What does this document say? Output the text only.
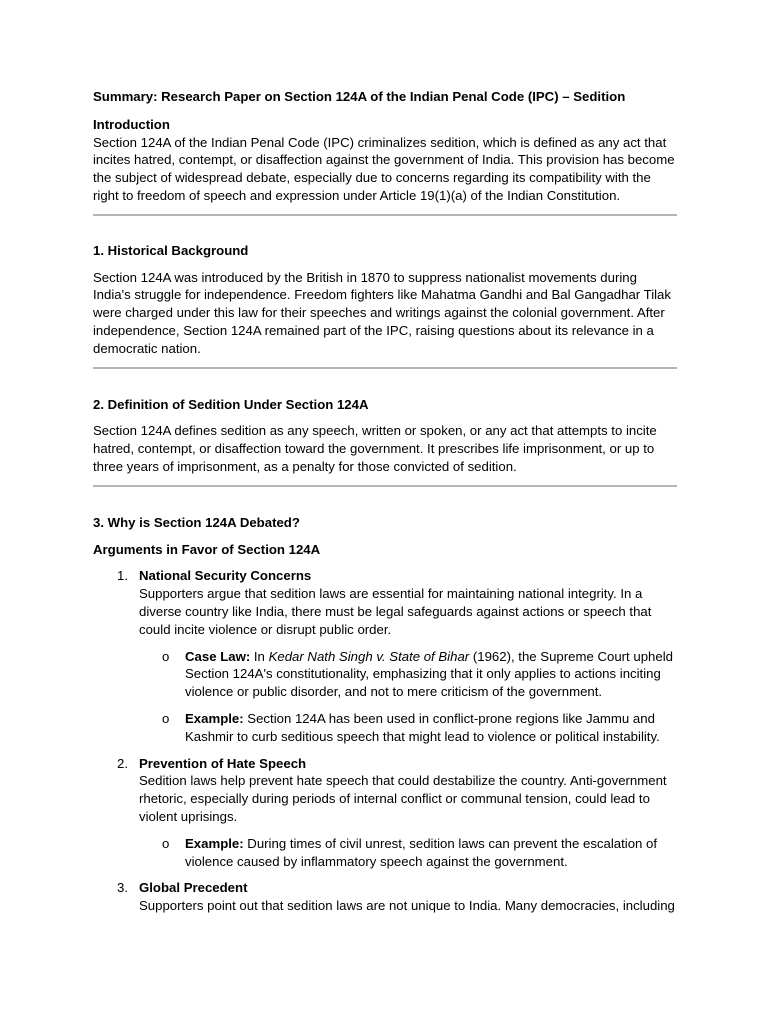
Summary: Research Paper on Section 124A of the Indian Penal Code (IPC) – Sedition
Introduction

Section 124A of the Indian Penal Code (IPC) criminalizes sedition, which is defined as any act that incites hatred, contempt, or disaffection against the government of India. This provision has become the subject of widespread debate, especially due to concerns regarding its compatibility with the right to freedom of speech and expression under Article 19(1)(a) of the Indian Constitution.

1. Historical Background

Section 124A was introduced by the British in 1870 to suppress nationalist movements during India's struggle for independence. Freedom fighters like Mahatma Gandhi and Bal Gangadhar Tilak were charged under this law for their speeches and writings against the colonial government. After independence, Section 124A remained part of the IPC, raising questions about its relevance in a democratic nation.

2. Definition of Sedition Under Section 124A

Section 124A defines sedition as any speech, written or spoken, or any act that attempts to incite hatred, contempt, or disaffection toward the government. It prescribes life imprisonment, or up to three years of imprisonment, as a penalty for those convicted of sedition.

3. Why is Section 124A Debated?
Arguments in Favor of Section 124A
1. National Security Concerns
Supporters argue that sedition laws are essential for maintaining national integrity. In a diverse country like India, there must be legal safeguards against actions or speech that could incite violence or disrupt public order.
o Case Law: In Kedar Nath Singh v. State of Bihar (1962), the Supreme Court upheld Section 124A's constitutionality, emphasizing that it only applies to actions inciting violence or public disorder, and not to mere criticism of the government.
o Example: Section 124A has been used in conflict-prone regions like Jammu and Kashmir to curb seditious speech that might lead to violence or political instability.
2. Prevention of Hate Speech
Sedition laws help prevent hate speech that could destabilize the country. Anti-government rhetoric, especially during periods of internal conflict or communal tension, could lead to violent uprisings.
o Example: During times of civil unrest, sedition laws can prevent the escalation of violence caused by inflammatory speech against the government.
3. Global Precedent
Supporters point out that sedition laws are not unique to India. Many democracies, including
